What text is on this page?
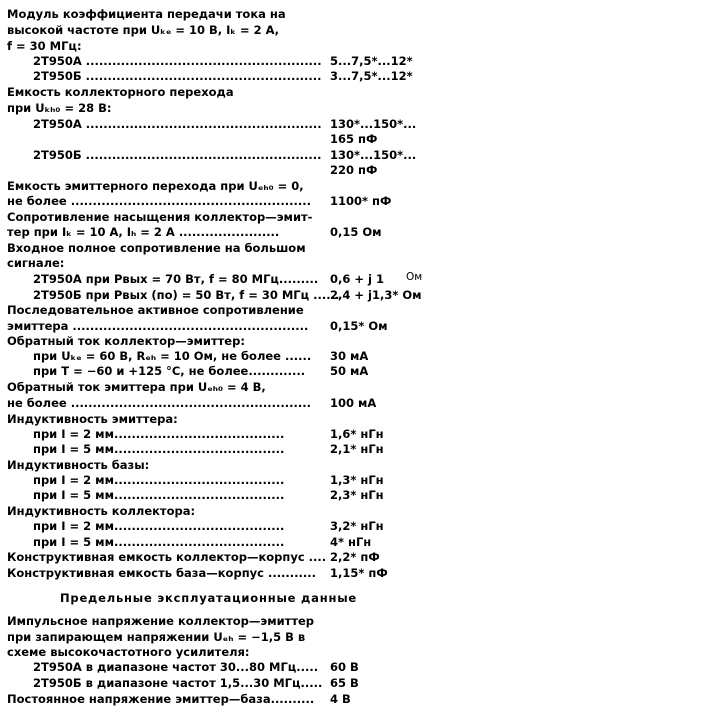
Модуль коэффициента передачи тока на
высокой частоте при Uₖₑ = 10 В, Iₖ = 2 А,
f = 30 МГц:
2Т950А ......................................................
2Т950Б ......................................................
Емкость коллекторного перехода
при Uₖₕ₀ = 28 В:
2Т950А ......................................................
2Т950Б ......................................................
Емкость эмиттерного перехода при Uₑₕ₀ = 0,
не более .......................................................
Сопротивление насыщения коллектор—эмит-
тер при Iₖ = 10 А, Iₕ = 2 А .......................
Входное полное сопротивление на большом
сигнале:
2Т950А при Pвых = 70 Вт, f = 80 МГц.........
2Т950Б при Pвых (по) = 50 Вт, f = 30 МГц ......
Последовательное активное сопротивление
эмиттера ......................................................
Обратный ток коллектор—эмиттер:
при Uₖₑ = 60 В, Rₑₕ = 10 Ом, не более ......
при T = −60 и +125 °С, не более.............
Обратный ток эмиттера при Uₑₕ₀ = 4 В,
не более .......................................................
Индуктивность эмиттера:
при I = 2 мм.......................................
при I = 5 мм.......................................
Индуктивность базы:
при I = 2 мм.......................................
при I = 5 мм.......................................
Индуктивность коллектора:
при I = 2 мм.......................................
при I = 5 мм.......................................
Конструктивная емкость коллектор—корпус ....
Конструктивная емкость база—корпус ...........
Предельные эксплуатационные данные
Импульсное напряжение коллектор—эмиттер
при запирающем напряжении Uₑₕ = −1,5 В в
схеме высокочастотного усилителя:
2Т950А в диапазоне частот 30...80 МГц.....
2Т950Б в диапазоне частот 1,5...30 МГц.....
Постоянное напряжение эмиттер—база..........
5...7,5*...12*
3...7,5*...12*
130*...150*...
165 пФ
130*...150*...
220 пФ
1100* пФ
0,15 Ом
0,6 + j 1 Ом
2,4 + j1,3* Ом
0,15* Ом
30 мА
50 мА
100 мА
1,6* нГн
2,1* нГн
1,3* нГн
2,3* нГн
3,2* нГн
4* нГн
2,2* пФ
1,15* пФ
60 В
65 В
4 В
